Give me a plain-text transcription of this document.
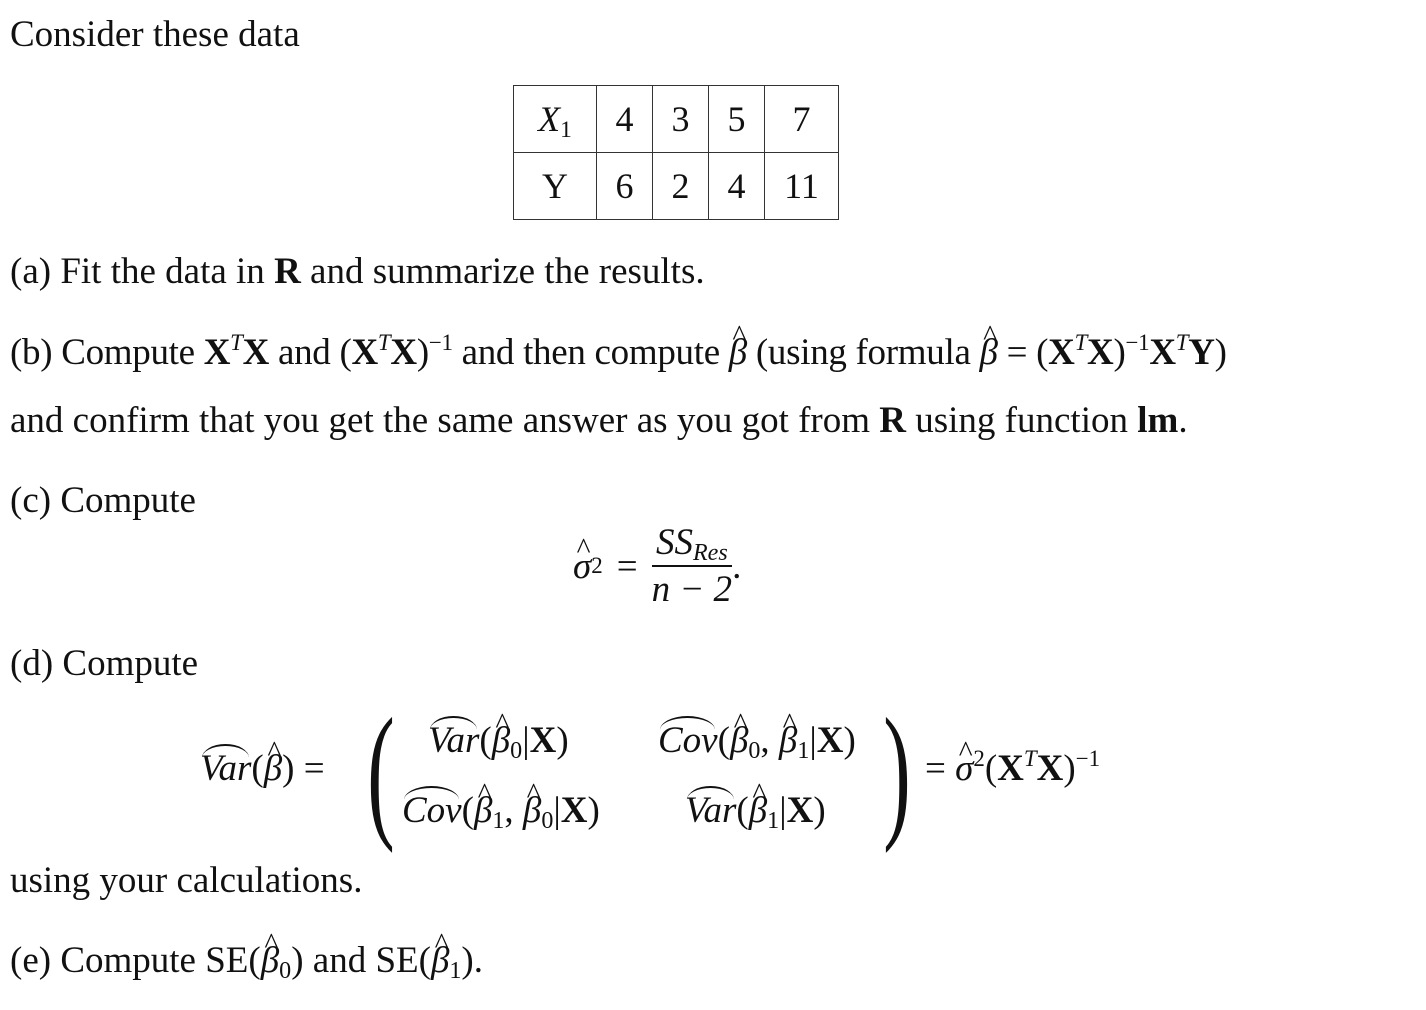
Consider these data
$X_1$	4	3	5	7
Y	6	2	4	11
(a) Fit the data in R and summarize the results.
(b) Compute $X^TX$ and $(X^TX)^{-1}$ and then compute ^ β (using formula ^ $\beta = (X^TX)^{-1}X^TY$)
and confirm that you get the same answer as you got from R using function lm.
(c) Compute
^ σ $2 = \frac{SS_{Res}}{n - 2}$ .
(d) Compute
Var(^ β) = ( Var(^ $\beta_0|X$) Cov(^ $\beta_0$, ^ $\beta_1|X$)
Cov(^ $\beta_1$, ^ $\beta_0|X$) Var(^ $\beta_1|X$) ) = ^ $\sigma^2(X^TX)^{-1}$
using your calculations.
(e) Compute SE(^ $\beta_0$) and SE(^ $\beta_1$).
